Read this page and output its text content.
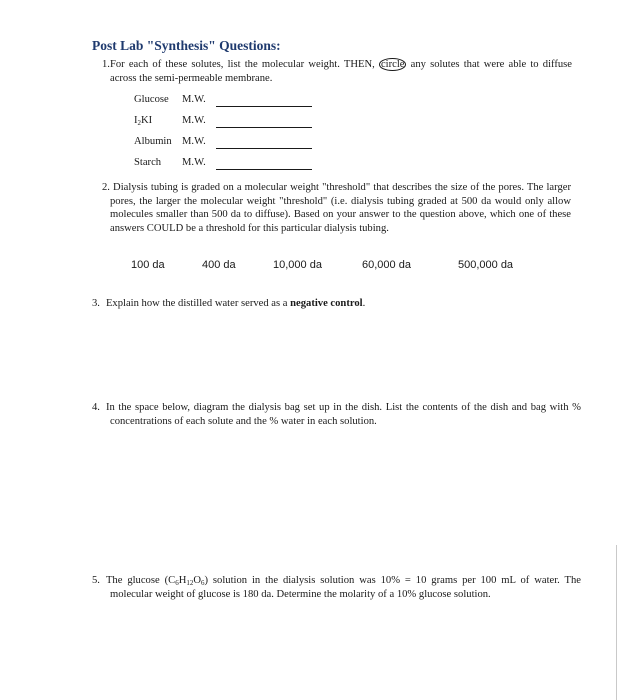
Post Lab "Synthesis" Questions:
1.For each of these solutes, list the molecular weight. THEN, circle any solutes that were able to diffuse across the semi-permeable membrane.
Glucose M.W.
$I_2KI$	M.W.
Albumin M.W.
Starch M.W.
2. Dialysis tubing is graded on a molecular weight "threshold" that describes the size of the pores. The larger pores, the larger the molecular weight "threshold" (i.e. dialysis tubing graded at 500 da would only allow molecules smaller than 500 da to diffuse). Based on your answer to the question above, which one of these answers COULD be a threshold for this particular dialysis tubing.
100 da	400 da	10,000 da	60,000 da	500,000 da
3. Explain how the distilled water served as a negative control.
4. In the space below, diagram the dialysis bag set up in the dish. List the contents of the dish and bag with % concentrations of each solute and the % water in each solution.
5. The glucose $(C_6H_{12}O_6)$ solution in the dialysis solution was 10% = 10 grams per 100 mL of water. The molecular weight of glucose is 180 da. Determine the molarity of a 10% glucose solution.
